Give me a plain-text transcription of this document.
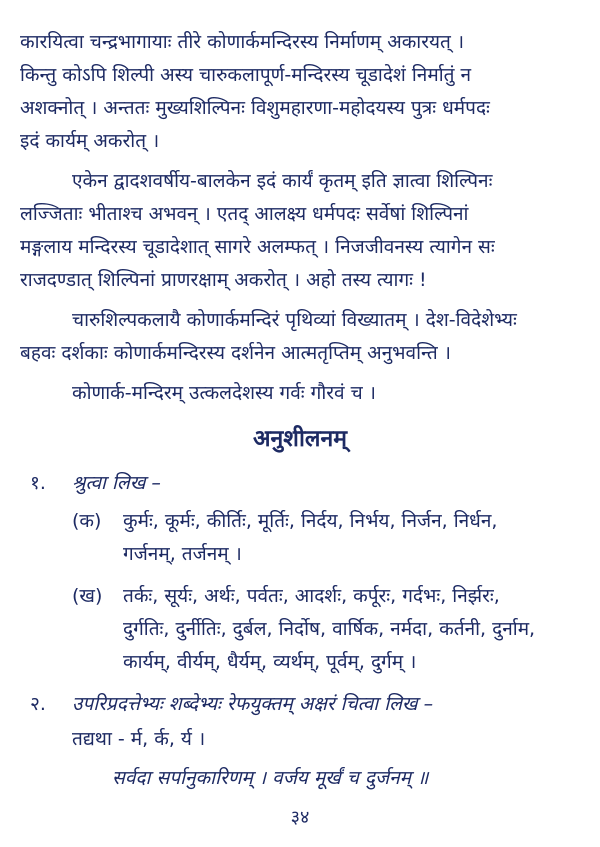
कारयित्वा चन्द्रभागायाः तीरे कोणार्कमन्दिरस्य निर्माणम् अकारयत् ।
किन्तु कोऽपि शिल्पी अस्य चारुकलापूर्ण-मन्दिरस्य चूडादेशं निर्मातुं न
अशक्नोत् । अन्ततः मुख्यशिल्पिनः विशुमहारणा-महोदयस्य पुत्रः धर्मपदः
इदं कार्यम् अकरोत् ।
एकेन द्वादशवर्षीय-बालकेन इदं कार्यं कृतम् इति ज्ञात्वा शिल्पिनः
लज्जिताः भीताश्च अभवन् । एतद् आलक्ष्य धर्मपदः सर्वेषां शिल्पिनां
मङ्गलाय मन्दिरस्य चूडादेशात् सागरे अलम्फत् । निजजीवनस्य त्यागेन सः
राजदण्डात् शिल्पिनां प्राणरक्षाम् अकरोत् । अहो तस्य त्यागः !
चारुशिल्पकलायै कोणार्कमन्दिरं पृथिव्यां विख्यातम् । देश-विदेशेभ्यः
बहवः दर्शकाः कोणार्कमन्दिरस्य दर्शनेन आत्मतृप्तिम् अनुभवन्ति ।
कोणार्क-मन्दिरम् उत्कलदेशस्य गर्वः गौरवं च ।
अनुशीलनम्
१. श्रुत्वा लिख –
(क) कुर्मः, कूर्मः, कीर्तिः, मूर्तिः, निर्दय, निर्भय, निर्जन, निर्धन,
गर्जनम्, तर्जनम् ।
(ख) तर्कः, सूर्यः, अर्थः, पर्वतः, आदर्शः, कर्पूरः, गर्दभः, निर्झरः,
दुर्गतिः, दुर्नीतिः, दुर्बल, निर्दोष, वार्षिक, नर्मदा, कर्तनी, दुर्नाम,
कार्यम्, वीर्यम्, धैर्यम्, व्यर्थम्, पूर्वम्, दुर्गम् ।
२. उपरिप्रदत्तेभ्यः शब्देभ्यः रेफयुक्तम् अक्षरं चित्वा लिख –
तद्यथा - र्म, र्क, र्य ।
सर्वदा सर्पानुकारिणम् । वर्जय मूर्खं च दुर्जनम् ॥
३४
